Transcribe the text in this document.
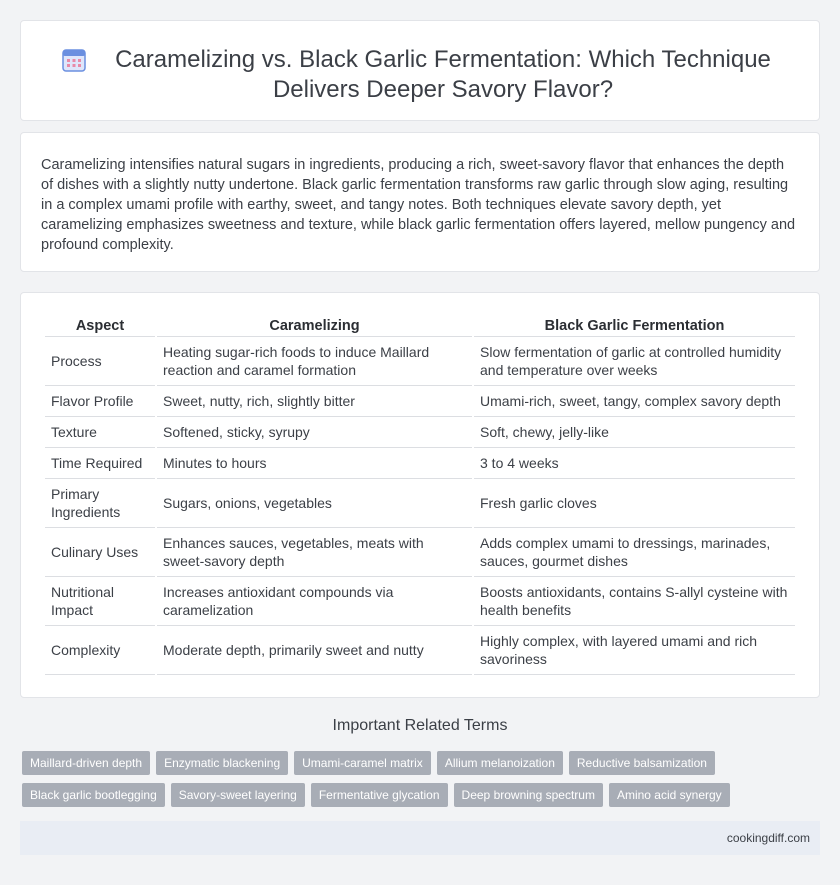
Caramelizing vs. Black Garlic Fermentation: Which Technique Delivers Deeper Savory Flavor?

Caramelizing intensifies natural sugars in ingredients, producing a rich, sweet-savory flavor that enhances the depth of dishes with a slightly nutty undertone. Black garlic fermentation transforms raw garlic through slow aging, resulting in a complex umami profile with earthy, sweet, and tangy notes. Both techniques elevate savory depth, yet caramelizing emphasizes sweetness and texture, while black garlic fermentation offers layered, mellow pungency and profound complexity.

Aspect	Caramelizing	Black Garlic Fermentation
Process	Heating sugar-rich foods to induce Maillard reaction and caramel formation	Slow fermentation of garlic at controlled humidity and temperature over weeks
Flavor Profile	Sweet, nutty, rich, slightly bitter	Umami-rich, sweet, tangy, complex savory depth
Texture	Softened, sticky, syrupy	Soft, chewy, jelly-like
Time Required	Minutes to hours	3 to 4 weeks
Primary Ingredients	Sugars, onions, vegetables	Fresh garlic cloves
Culinary Uses	Enhances sauces, vegetables, meats with sweet-savory depth	Adds complex umami to dressings, marinades, sauces, gourmet dishes
Nutritional Impact	Increases antioxidant compounds via caramelization	Boosts antioxidants, contains S-allyl cysteine with health benefits
Complexity	Moderate depth, primarily sweet and nutty	Highly complex, with layered umami and rich savoriness
Important Related Terms
Maillard-driven depth	Enzymatic blackening	Umami-caramel matrix	Allium melanoization	Reductive balsamization
Black garlic bootlegging	Savory-sweet layering	Fermentative glycation	Deep browning spectrum	Amino acid synergy
cookingdiff.com
